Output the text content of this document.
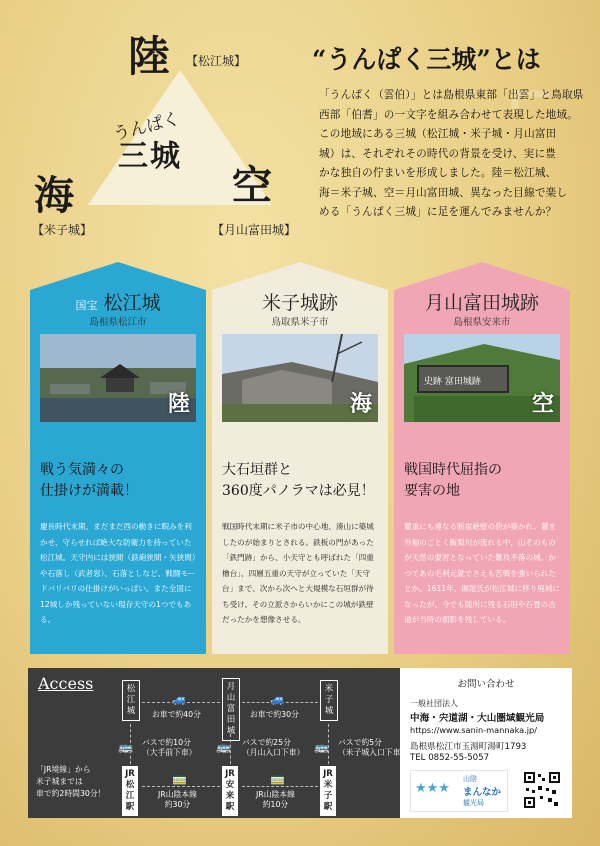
陸 【松江城】
うんぱく
三城
海
【米子城】
空
【月山富田城】
⌐
“うんぱく三城”とは
「うんぱく（雲伯）」とは島根県東部「出雲」と鳥取県
西部「伯耆」の一文字を組み合わせて表現した地域。
この地域にある三城（松江城・米子城・月山富田
城）は、それぞれその時代の背景を受け、実に豊
かな独自の佇まいを形成しました。陸＝松江城、
海＝米子城、空＝月山富田城、異なった目線で楽し
める「うんぱく三城」に足を運んでみませんか？
国宝 松江城
島根県松江市
陸
戦う気満々の
仕掛けが満載！
慶長時代末期、まだまだ西の動きに睨みを利かせ、守らせれば絶大な防衛力を持っていた松江城。天守内には狭間（鉄砲狭間・矢狭間）や石落し（武者窓）、石落としなど、戦闘モードバリバリの仕掛けがいっぱい。また全国に12城しか残っていない現存天守の1つでもある。
米子城跡
鳥取県米子市
海
大石垣群と
360度パノラマは必見！
戦国時代末期に米子市の中心地、湊山に築城したのが始まりとされる。鉄板の門があった「鉄門跡」から、小天守とも呼ばれた「四重櫓台」、四層五重の天守が立っていた「天守台」まで、次から次へと大規模な石垣群が待ち受け、その立派さからいかにこの城が鉄壁だったかを想像させる。
月山富田城跡
島根県安来市
史跡 富田城跡
空
戦国時代屈指の
要害の地
麓重にも連なる断崖絶壁の砦が築かれ、麓を外堀のごとく飯梨川が流れる中、山そのものが天然の要害となっていた難攻不落の城。かつてあの毛利元就でさえも苦戦を強いられたとか。1611年、堀尾氏が松江城に移り廃城になったが、今でも随所に残る石垣や石畳の古道が当時の面影を残している。
Access	松江城
月山富田城
米子城
🚙	🚙
お車で約40分	お車で約30分
🚌	🚌	🚌
バスで約10分
（大手前下車）
バスで約25分
（月山入口下車）
バスで約5分
（米子城入口下車）
JR松江駅
JR安来駅
JR米子駅
🚃	🚃
JR山陰本線
約30分
JR山陰本線
約10分
「JR境線」から
米子城までは
車で約2時間30分！
お問い合わせ
一般社団法人
中海・宍道湖・大山圏域観光局
https://www.sanin-mannaka.jp/
島根県松江市玉湯町湯町1793
TEL 0852-55-5057
★★★
山陰
まんなか
観光局
